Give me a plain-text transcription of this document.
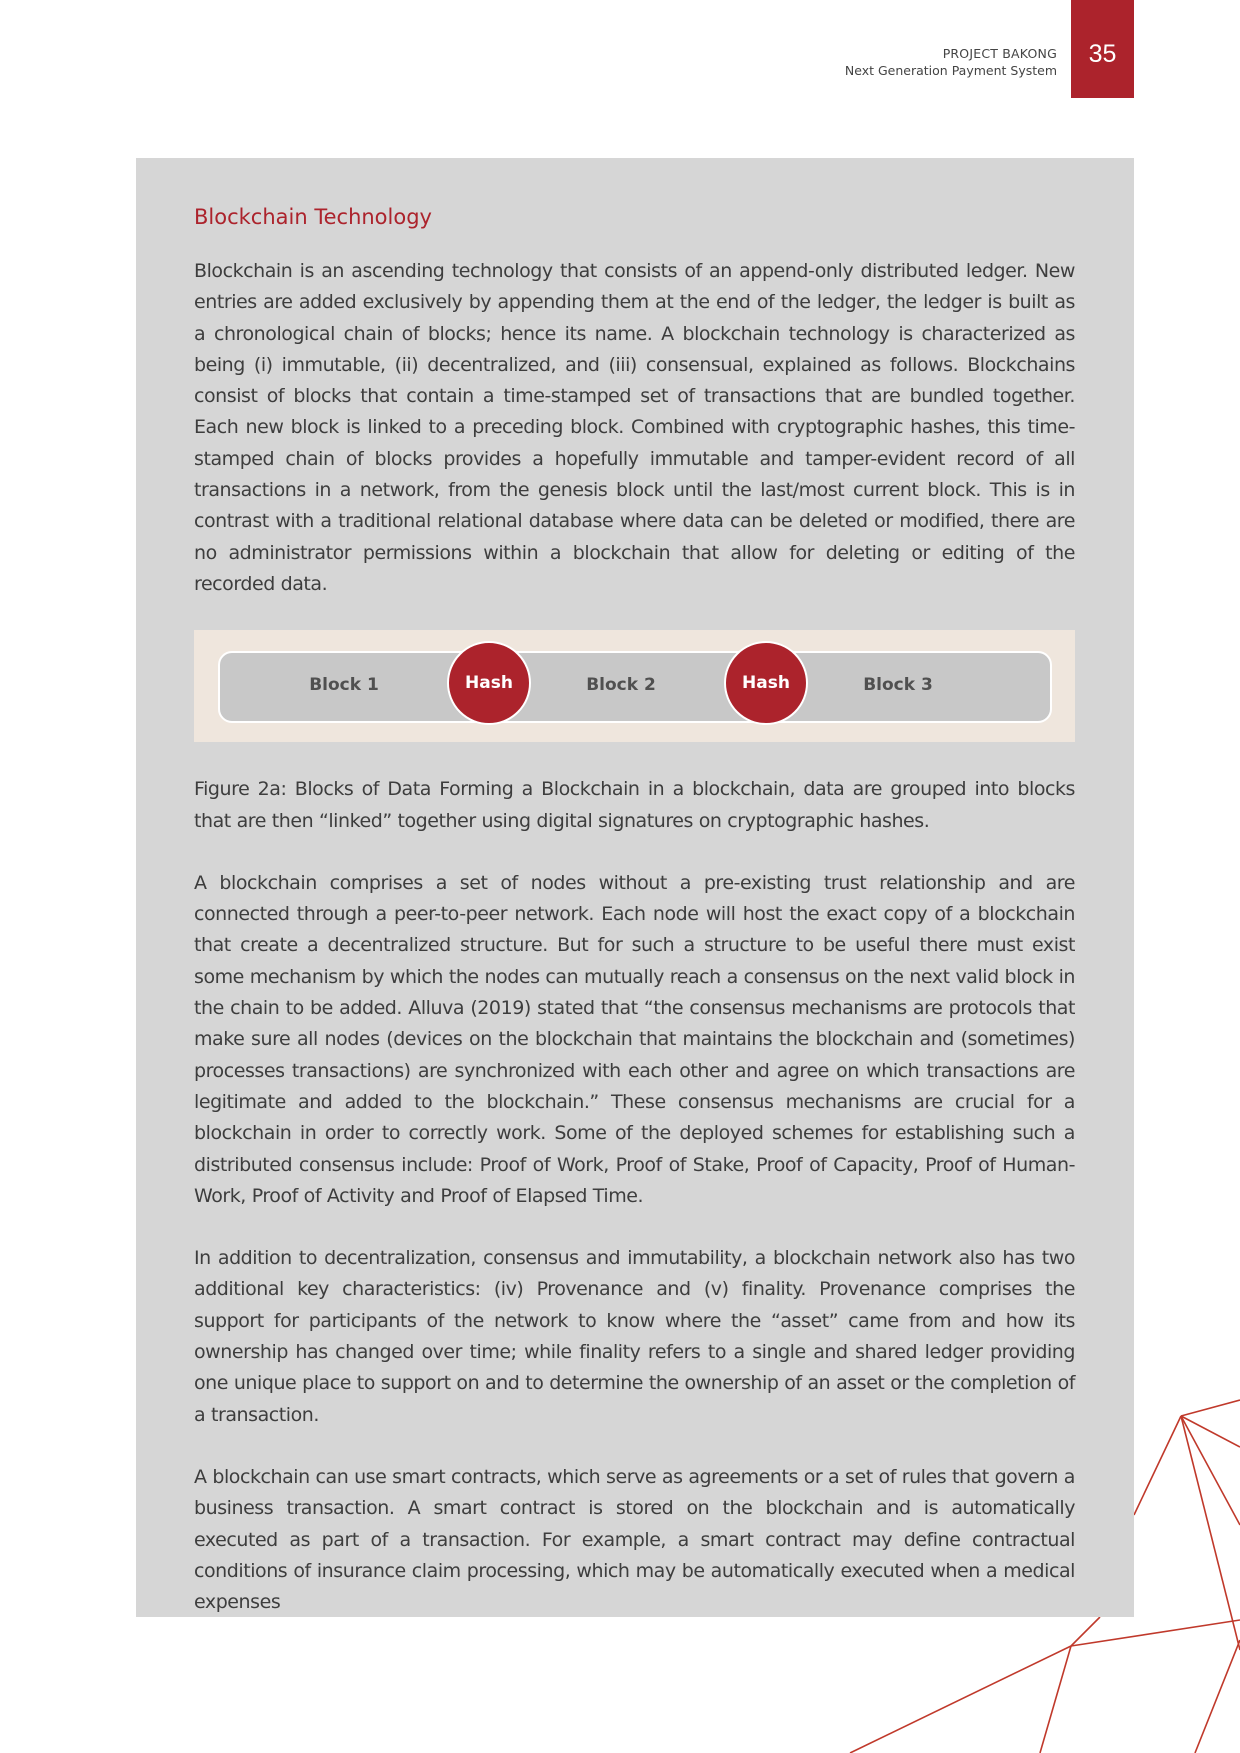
PROJECT BAKONG
Next Generation Payment System
35
Blockchain Technology

Blockchain is an ascending technology that consists of an append-only distributed ledger. New entries are added exclusively by appending them at the end of the ledger, the ledger is built as a chronological chain of blocks; hence its name. A blockchain technology is characterized as being (i) immutable, (ii) decentralized, and (iii) consensual, explained as follows. Blockchains consist of blocks that contain a time-stamped set of transactions that are bundled together. Each new block is linked to a preceding block. Combined with cryptographic hashes, this time-stamped chain of blocks provides a hopefully immutable and tamper-evident record of all transactions in a network, from the genesis block until the last/most current block. This is in contrast with a traditional relational database where data can be deleted or modified, there are no administrator permissions within a blockchain that allow for deleting or editing of the recorded data.

Block 1	Block 2	Block 3
Hash	Hash

Figure 2a: Blocks of Data Forming a Blockchain in a blockchain, data are grouped into blocks that are then “linked” together using digital signatures on cryptographic hashes.

A blockchain comprises a set of nodes without a pre-existing trust relationship and are connected through a peer-to-peer network. Each node will host the exact copy of a blockchain that create a decentralized structure. But for such a structure to be useful there must exist some mechanism by which the nodes can mutually reach a consensus on the next valid block in the chain to be added. Alluva (2019) stated that “the consensus mechanisms are protocols that make sure all nodes (devices on the blockchain that maintains the blockchain and (sometimes) processes transactions) are synchronized with each other and agree on which transactions are legitimate and added to the blockchain.” These consensus mechanisms are crucial for a blockchain in order to correctly work. Some of the deployed schemes for establishing such a distributed consensus include: Proof of Work, Proof of Stake, Proof of Capacity, Proof of Human-Work, Proof of Activity and Proof of Elapsed Time.

In addition to decentralization, consensus and immutability, a blockchain network also has two additional key characteristics: (iv) Provenance and (v) finality. Provenance comprises the support for participants of the network to know where the “asset” came from and how its ownership has changed over time; while finality refers to a single and shared ledger providing one unique place to support on and to determine the ownership of an asset or the completion of a transaction.

A blockchain can use smart contracts, which serve as agreements or a set of rules that govern a business transaction. A smart contract is stored on the blockchain and is automatically executed as part of a transaction. For example, a smart contract may define contractual conditions of insurance claim processing, which may be automatically executed when a medical expenses
